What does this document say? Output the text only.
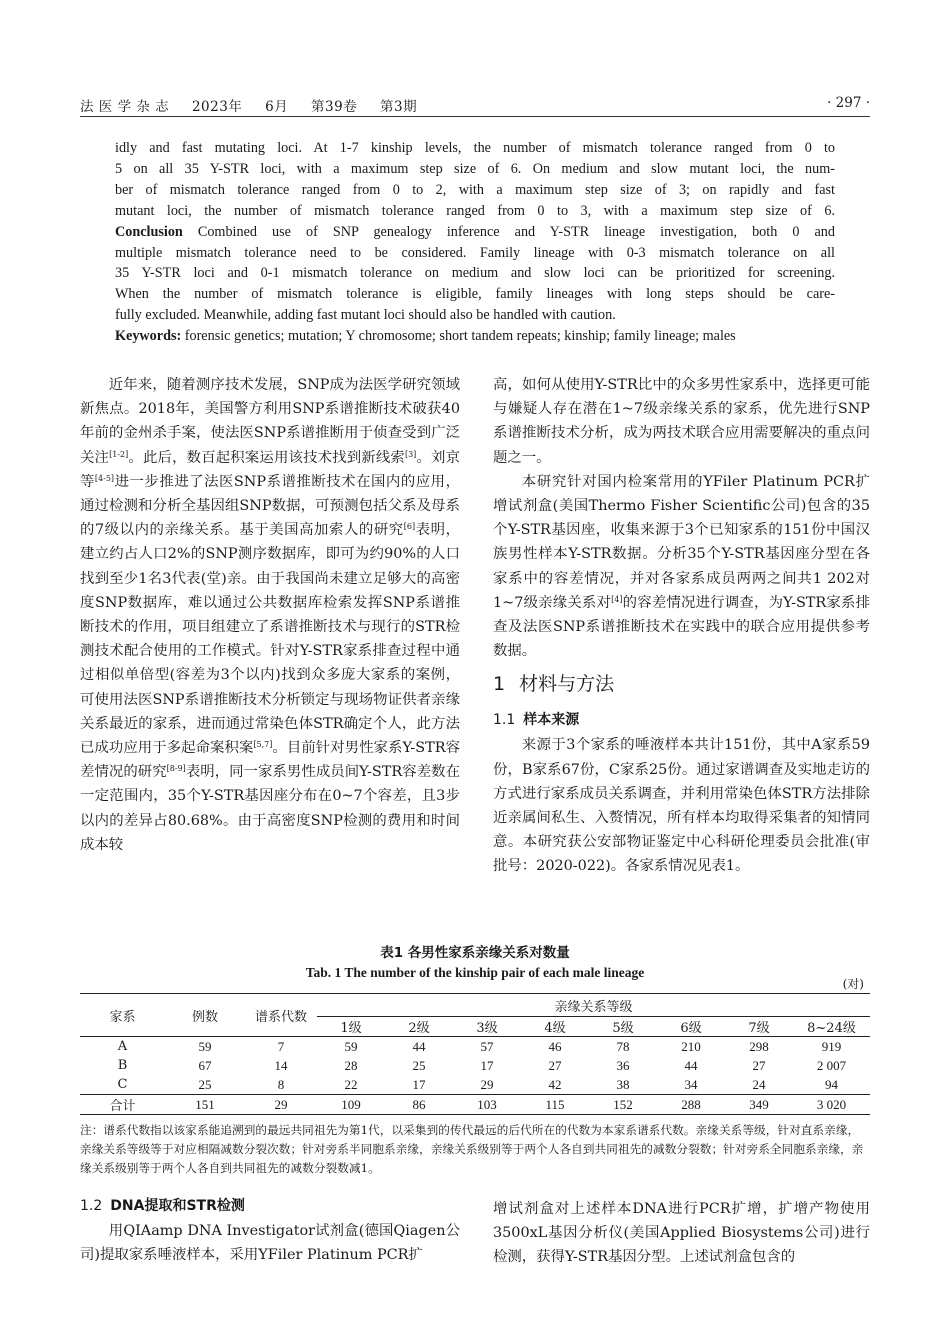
法 医 学 杂 志 2023年 6月 第39卷 第3期	· 297 ·
idly and fast mutating loci. At 1-7 kinship levels, the number of mismatch tolerance ranged from 0 to
5 on all 35 Y-STR loci, with a maximum step size of 6. On medium and slow mutant loci, the num-
ber of mismatch tolerance ranged from 0 to 2, with a maximum step size of 3; on rapidly and fast
mutant loci, the number of mismatch tolerance ranged from 0 to 3, with a maximum step size of 6.
Conclusion Combined use of SNP genealogy inference and Y-STR lineage investigation, both 0 and
multiple mismatch tolerance need to be considered. Family lineage with 0-3 mismatch tolerance on all
35 Y-STR loci and 0-1 mismatch tolerance on medium and slow loci can be prioritized for screening.
When the number of mismatch tolerance is eligible, family lineages with long steps should be care-
fully excluded. Meanwhile, adding fast mutant loci should also be handled with caution.
Keywords: forensic genetics; mutation; Y chromosome; short tandem repeats; kinship; family lineage; males

近年来，随着测序技术发展，SNP成为法医学研究领域新焦点。2018年，美国警方利用SNP系谱推断技术破获40年前的金州杀手案，使法医SNP系谱推断用于侦查受到广泛关注[1-2]。此后，数百起积案运用该技术找到新线索[3]。刘京等[4-5]进一步推进了法医SNP系谱推断技术在国内的应用，通过检测和分析全基因组SNP数据，可预测包括父系及母系的7级以内的亲缘关系。基于美国高加索人的研究[6]表明，建立约占人口2%的SNP测序数据库，即可为约90%的人口找到至少1名3代表(堂)亲。由于我国尚未建立足够大的高密度SNP数据库，难以通过公共数据库检索发挥SNP系谱推断技术的作用，项目组建立了系谱推断技术与现行的STR检测技术配合使用的工作模式。针对Y-STR家系排查过程中通过相似单倍型(容差为3个以内)找到众多庞大家系的案例，可使用法医SNP系谱推断技术分析锁定与现场物证供者亲缘关系最近的家系，进而通过常染色体STR确定个人，此方法已成功应用于多起命案积案[5,7]。目前针对男性家系Y-STR容差情况的研究[8-9]表明，同一家系男性成员间Y-STR容差数在一定范围内，35个Y-STR基因座分布在0~7个容差，且3步以内的差异占80.68%。由于高密度SNP检测的费用和时间成本较

高，如何从使用Y-STR比中的众多男性家系中，选择更可能与嫌疑人存在潜在1~7级亲缘关系的家系，优先进行SNP系谱推断技术分析，成为两技术联合应用需要解决的重点问题之一。

本研究针对国内检案常用的YFiler Platinum PCR扩增试剂盒(美国Thermo Fisher Scientific公司)包含的35个Y-STR基因座，收集来源于3个已知家系的151份中国汉族男性样本Y-STR数据。分析35个Y-STR基因座分型在各家系中的容差情况，并对各家系成员两两之间共1 202对1~7级亲缘关系对[4]的容差情况进行调查，为Y-STR家系排查及法医SNP系谱推断技术在实践中的联合应用提供参考数据。

1 材料与方法
1.1 样本来源

来源于3个家系的唾液样本共计151份，其中A家系59份，B家系67份，C家系25份。通过家谱调查及实地走访的方式进行家系成员关系调查，并利用常染色体STR方法排除近亲属间私生、入赘情况，所有样本均取得采集者的知情同意。本研究获公安部物证鉴定中心科研伦理委员会批准(审批号：2020-022)。各家系情况见表1。

表1 各男性家系亲缘关系对数量
Tab. 1 The number of the kinship pair of each male lineage
(对)
家系	例数	谱系代数	亲缘关系等级							
			1级	2级	3级	4级	5级	6级	7级	8~24级
A	59	7	59	44	57	46	78	210	298	919
B	67	14	28	25	17	27	36	44	27	2 007
C	25	8	22	17	29	42	38	34	24	94
合计	151	29	109	86	103	115	152	288	349	3 020
注：谱系代数指以该家系能追溯到的最远共同祖先为第1代，以采集到的传代最远的后代所在的代数为本家系谱系代数。亲缘关系等级，针对直系亲缘，亲缘关系等级等于对应相隔减数分裂次数；针对旁系半同胞系亲缘，亲缘关系级别等于两个人各自到共同祖先的减数分裂数；针对旁系全同胞系亲缘，亲缘关系级别等于两个人各自到共同祖先的减数分裂数减1。
1.2 DNA提取和STR检测

用QIAamp DNA Investigator试剂盒(德国Qiagen公司)提取家系唾液样本，采用YFiler Platinum PCR扩

增试剂盒对上述样本DNA进行PCR扩增，扩增产物使用3500xL基因分析仪(美国Applied Biosystems公司)进行检测，获得Y-STR基因分型。上述试剂盒包含的
